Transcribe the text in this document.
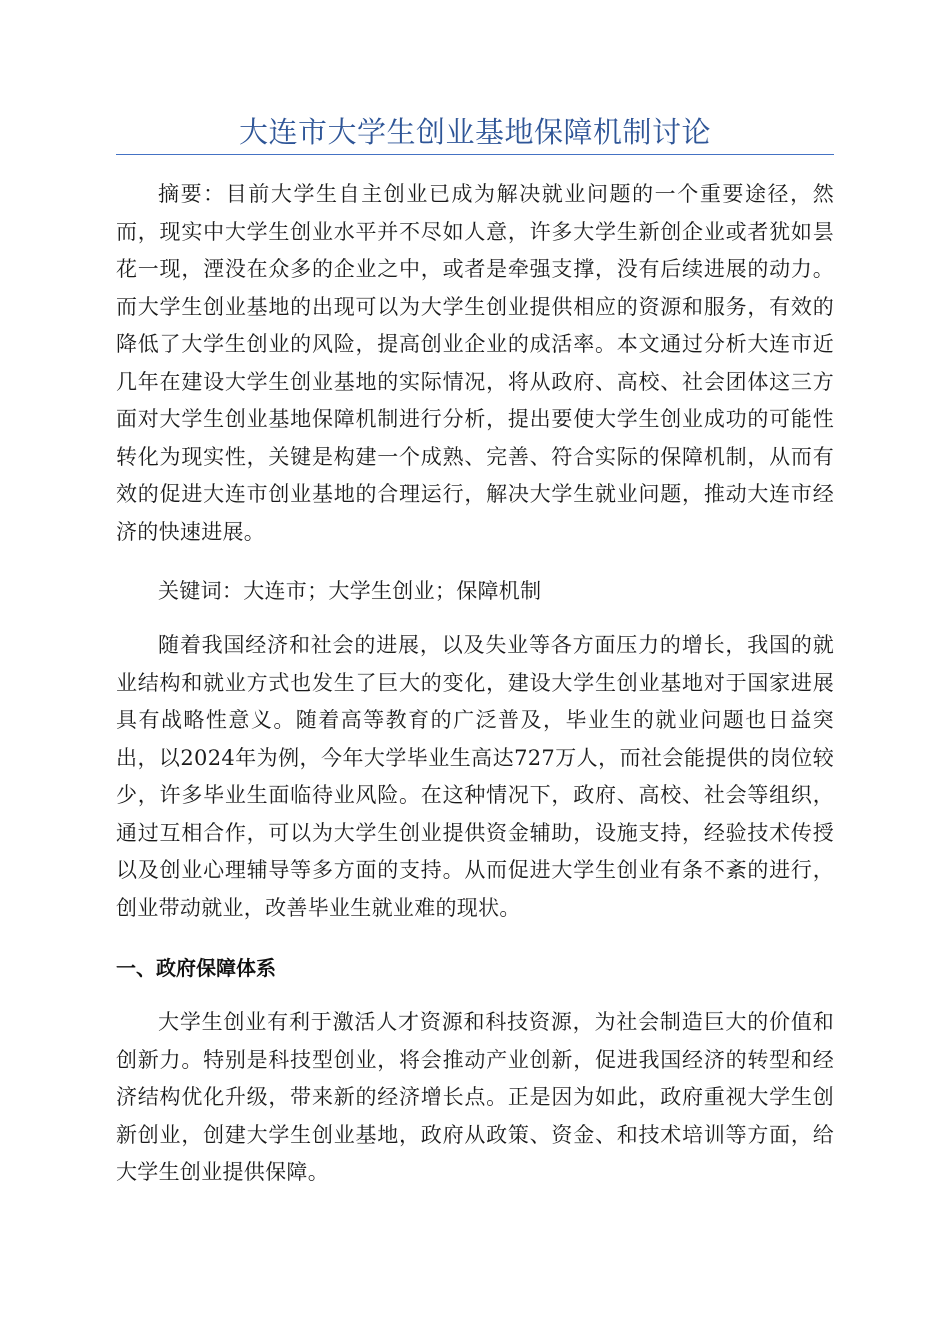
大连市大学生创业基地保障机制讨论

摘要：目前大学生自主创业已成为解决就业问题的一个重要途径，然而，现实中大学生创业水平并不尽如人意，许多大学生新创企业或者犹如昙花一现，湮没在众多的企业之中，或者是牵强支撑，没有后续进展的动力。而大学生创业基地的出现可以为大学生创业提供相应的资源和服务，有效的降低了大学生创业的风险，提高创业企业的成活率。本文通过分析大连市近几年在建设大学生创业基地的实际情况，将从政府、高校、社会团体这三方面对大学生创业基地保障机制进行分析，提出要使大学生创业成功的可能性转化为现实性，关键是构建一个成熟、完善、符合实际的保障机制，从而有效的促进大连市创业基地的合理运行，解决大学生就业问题，推动大连市经济的快速进展。

关键词：大连市；大学生创业；保障机制

随着我国经济和社会的进展，以及失业等各方面压力的增长，我国的就业结构和就业方式也发生了巨大的变化，建设大学生创业基地对于国家进展具有战略性意义。随着高等教育的广泛普及，毕业生的就业问题也日益突出，以2024年为例，今年大学毕业生高达727万人，而社会能提供的岗位较少，许多毕业生面临待业风险。在这种情况下，政府、高校、社会等组织，通过互相合作，可以为大学生创业提供资金辅助，设施支持，经验技术传授以及创业心理辅导等多方面的支持。从而促进大学生创业有条不紊的进行，创业带动就业，改善毕业生就业难的现状。

一、政府保障体系

大学生创业有利于激活人才资源和科技资源，为社会制造巨大的价值和创新力。特别是科技型创业，将会推动产业创新，促进我国经济的转型和经济结构优化升级，带来新的经济增长点。正是因为如此，政府重视大学生创新创业，创建大学生创业基地，政府从政策、资金、和技术培训等方面，给大学生创业提供保障。
